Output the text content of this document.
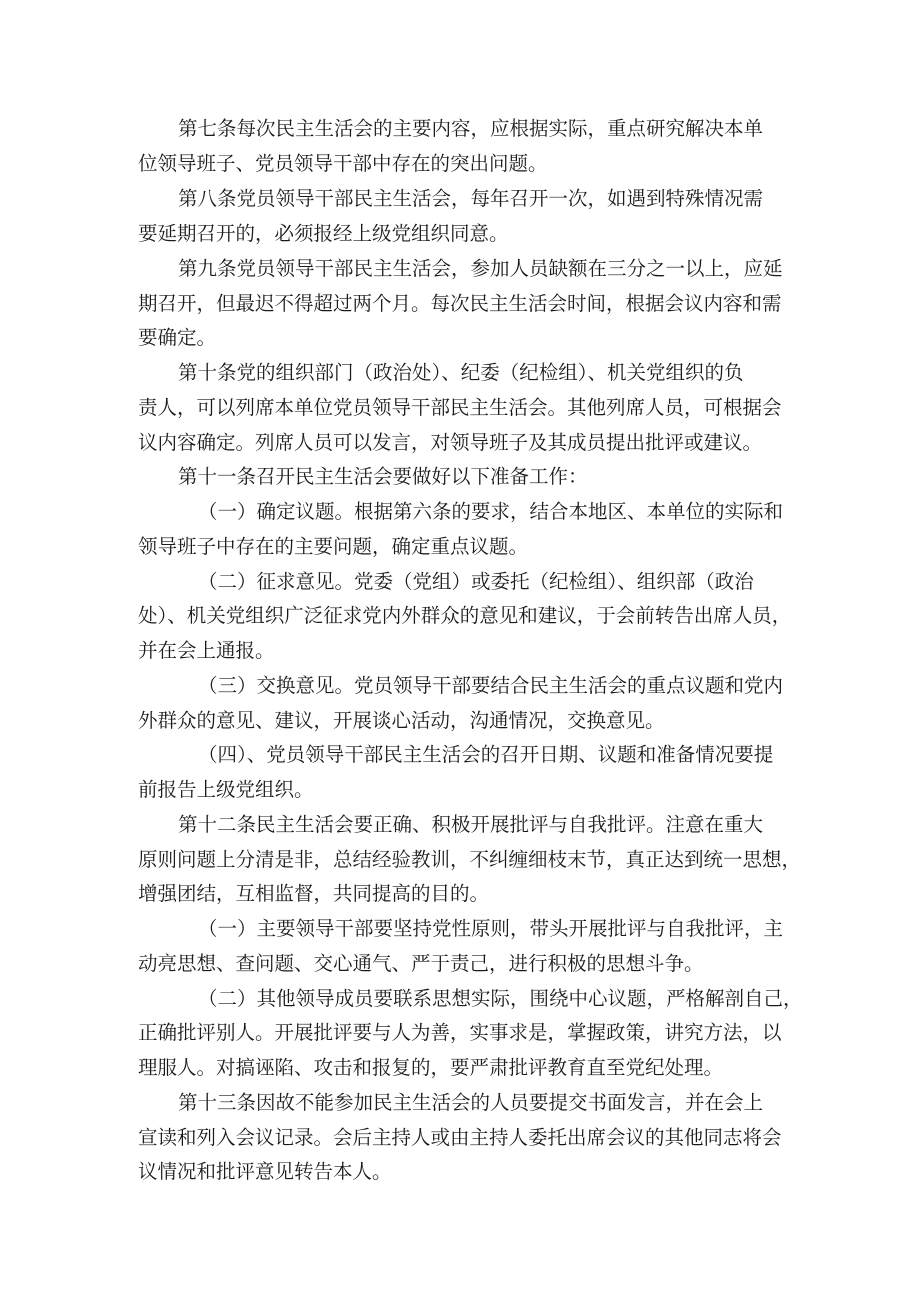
第七条每次民主生活会的主要内容，应根据实际，重点研究解决本单
位领导班子、党员领导干部中存在的突出问题。
第八条党员领导干部民主生活会，每年召开一次，如遇到特殊情况需
要延期召开的，必须报经上级党组织同意。
第九条党员领导干部民主生活会，参加人员缺额在三分之一以上，应延
期召开，但最迟不得超过两个月。每次民主生活会时间，根据会议内容和需
要确定。
第十条党的组织部门（政治处）、纪委（纪检组）、机关党组织的负
责人，可以列席本单位党员领导干部民主生活会。其他列席人员，可根据会
议内容确定。列席人员可以发言，对领导班子及其成员提出批评或建议。
第十一条召开民主生活会要做好以下准备工作：
（一）确定议题。根据第六条的要求，结合本地区、本单位的实际和
领导班子中存在的主要问题，确定重点议题。
（二）征求意见。党委（党组）或委托（纪检组）、组织部（政治
处）、机关党组织广泛征求党内外群众的意见和建议，于会前转告出席人员，
并在会上通报。
（三）交换意见。党员领导干部要结合民主生活会的重点议题和党内
外群众的意见、建议，开展谈心活动，沟通情况，交换意见。
（四）、党员领导干部民主生活会的召开日期、议题和准备情况要提
前报告上级党组织。
第十二条民主生活会要正确、积极开展批评与自我批评。注意在重大
原则问题上分清是非，总结经验教训，不纠缠细枝末节，真正达到统一思想，
增强团结，互相监督，共同提高的目的。
（一）主要领导干部要坚持党性原则，带头开展批评与自我批评，主
动亮思想、查问题、交心通气、严于责己，进行积极的思想斗争。
（二）其他领导成员要联系思想实际，围绕中心议题，严格解剖自己，
正确批评别人。开展批评要与人为善，实事求是，掌握政策，讲究方法，以
理服人。对搞诬陷、攻击和报复的，要严肃批评教育直至党纪处理。
第十三条因故不能参加民主生活会的人员要提交书面发言，并在会上
宣读和列入会议记录。会后主持人或由主持人委托出席会议的其他同志将会
议情况和批评意见转告本人。
